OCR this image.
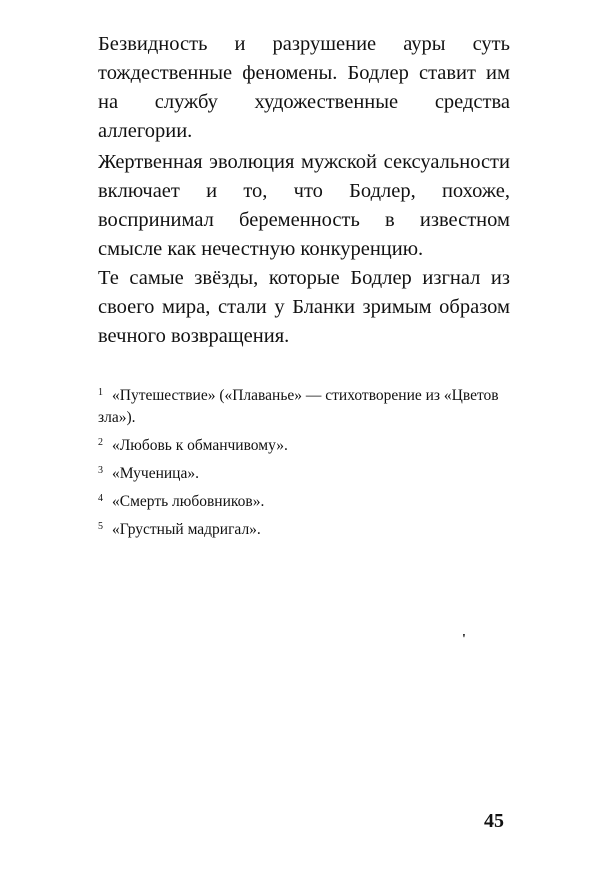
Безвидность и разрушение ауры суть тождественные феномены. Бодлер ставит им на службу художественные средства аллегории.

Жертвенная эволюция мужской сексуальности включает и то, что Бодлер, похоже, воспринимал беременность в известном смысле как нечестную конкуренцию.

Те самые звёзды, которые Бодлер изгнал из своего мира, стали у Бланки зримым образом вечного возвращения.

1 «Путешествие» («Плаванье» — стихотворение из «Цветов зла»).
2 «Любовь к обманчивому».
3 «Мученица».
4 «Смерть любовников».
5 «Грустный мадригал».
'
45
